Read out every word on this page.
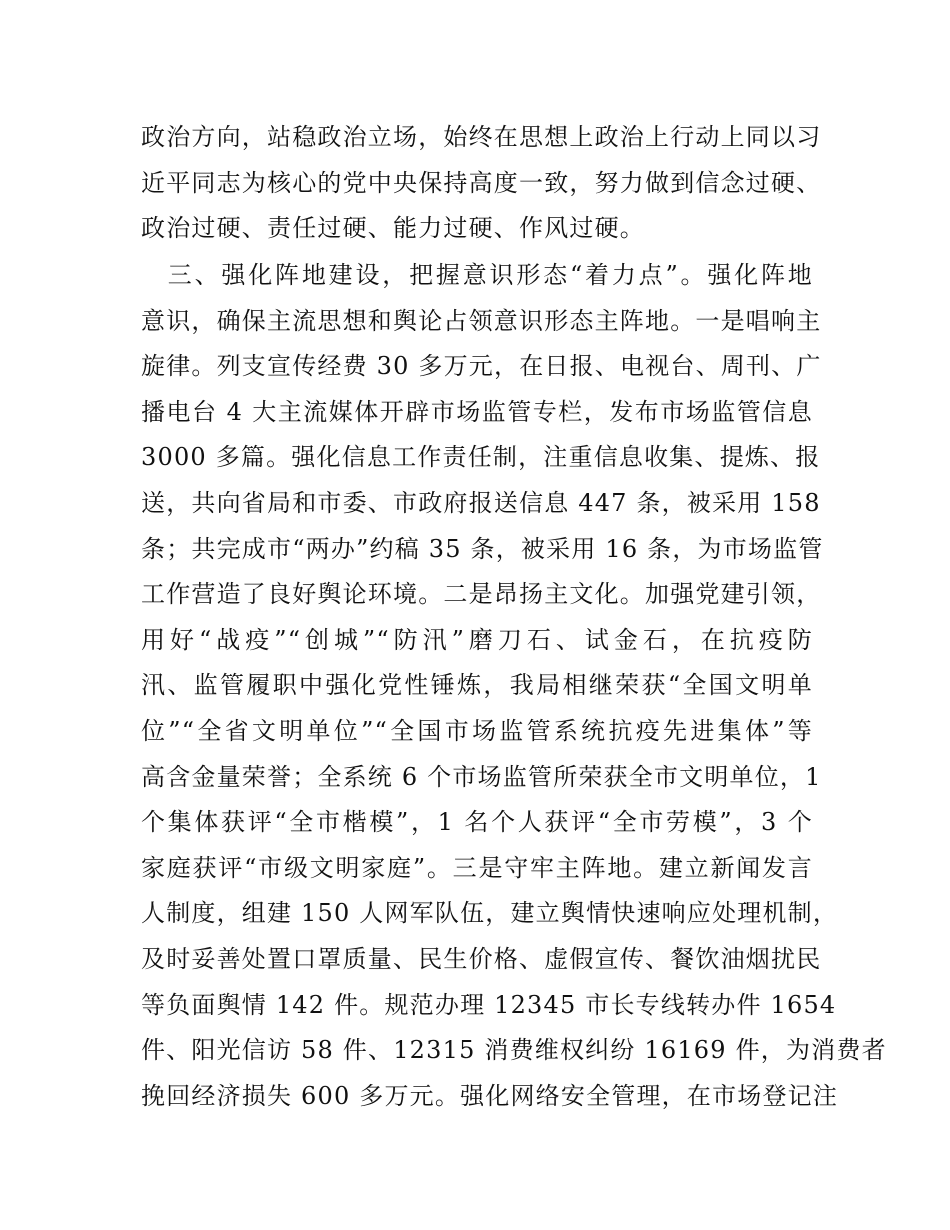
政治方向，站稳政治立场，始终在思想上政治上行动上同以习
近平同志为核心的党中央保持高度一致，努力做到信念过硬、
政治过硬、责任过硬、能力过硬、作风过硬。
　三、强化阵地建设，把握意识形态“着力点”。强化阵地
意识，确保主流思想和舆论占领意识形态主阵地。一是唱响主
旋律。列支宣传经费 30 多万元，在日报、电视台、周刊、广
播电台 4 大主流媒体开辟市场监管专栏，发布市场监管信息
3000 多篇。强化信息工作责任制，注重信息收集、提炼、报
送，共向省局和市委、市政府报送信息 447 条，被采用 158
条；共完成市“两办”约稿 35 条，被采用 16 条，为市场监管
工作营造了良好舆论环境。二是昂扬主文化。加强党建引领，
用好“战疫”“创城”“防汛”磨刀石、试金石，在抗疫防
汛、监管履职中强化党性锤炼，我局相继荣获“全国文明单
位”“全省文明单位”“全国市场监管系统抗疫先进集体”等
高含金量荣誉；全系统 6 个市场监管所荣获全市文明单位，1
个集体获评“全市楷模”，1 名个人获评“全市劳模”，3 个
家庭获评“市级文明家庭”。三是守牢主阵地。建立新闻发言
人制度，组建 150 人网军队伍，建立舆情快速响应处理机制，
及时妥善处置口罩质量、民生价格、虚假宣传、餐饮油烟扰民
等负面舆情 142 件。规范办理 12345 市长专线转办件 1654
件、阳光信访 58 件、12315 消费维权纠纷 16169 件，为消费者
挽回经济损失 600 多万元。强化网络安全管理，在市场登记注
